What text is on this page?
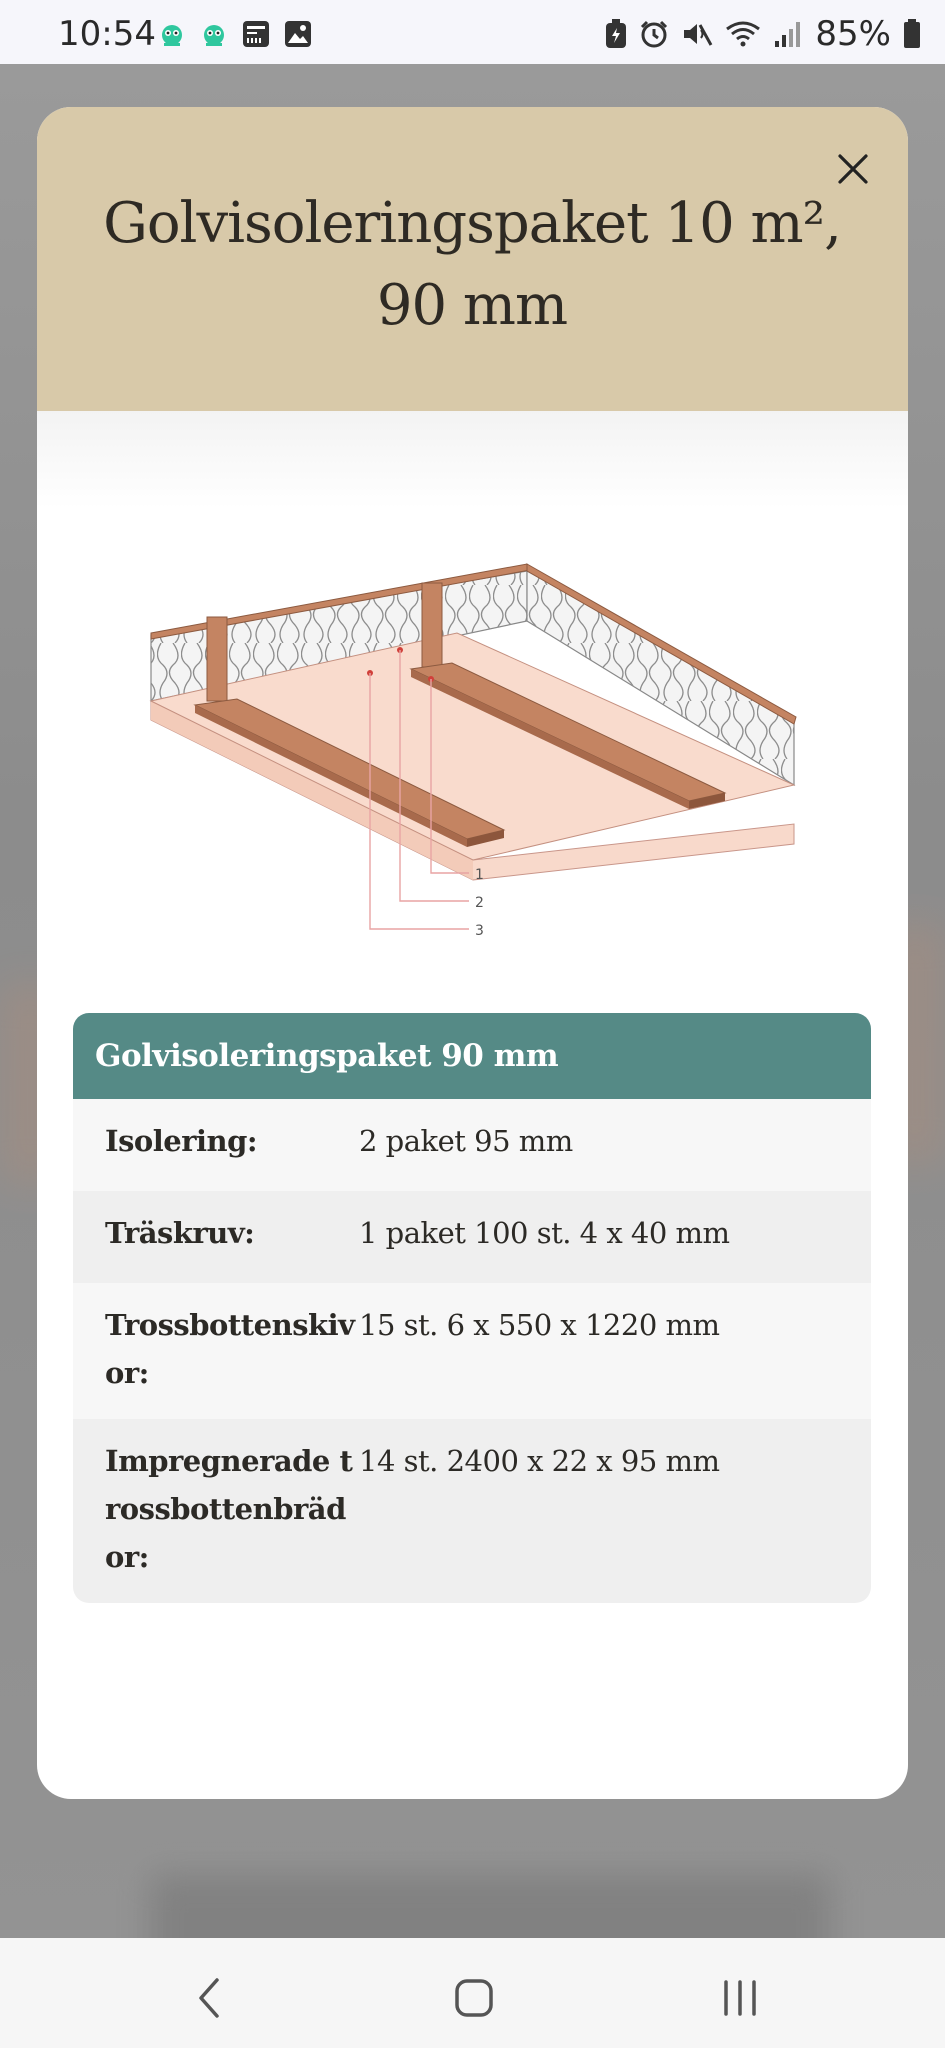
10:54	85%
Golvisoleringspaket 10 m², 90 mm
1
2
3
Golvisoleringspaket 90 mm
Isolering:	2 paket 95 mm
Träskruv:	1 paket 100 st. 4 x 40 mm
Trossbottenskivor:
15 st. 6 x 550 x 1220 mm
Impregnerade trossbottenbrädor:
14 st. 2400 x 22 x 95 mm
